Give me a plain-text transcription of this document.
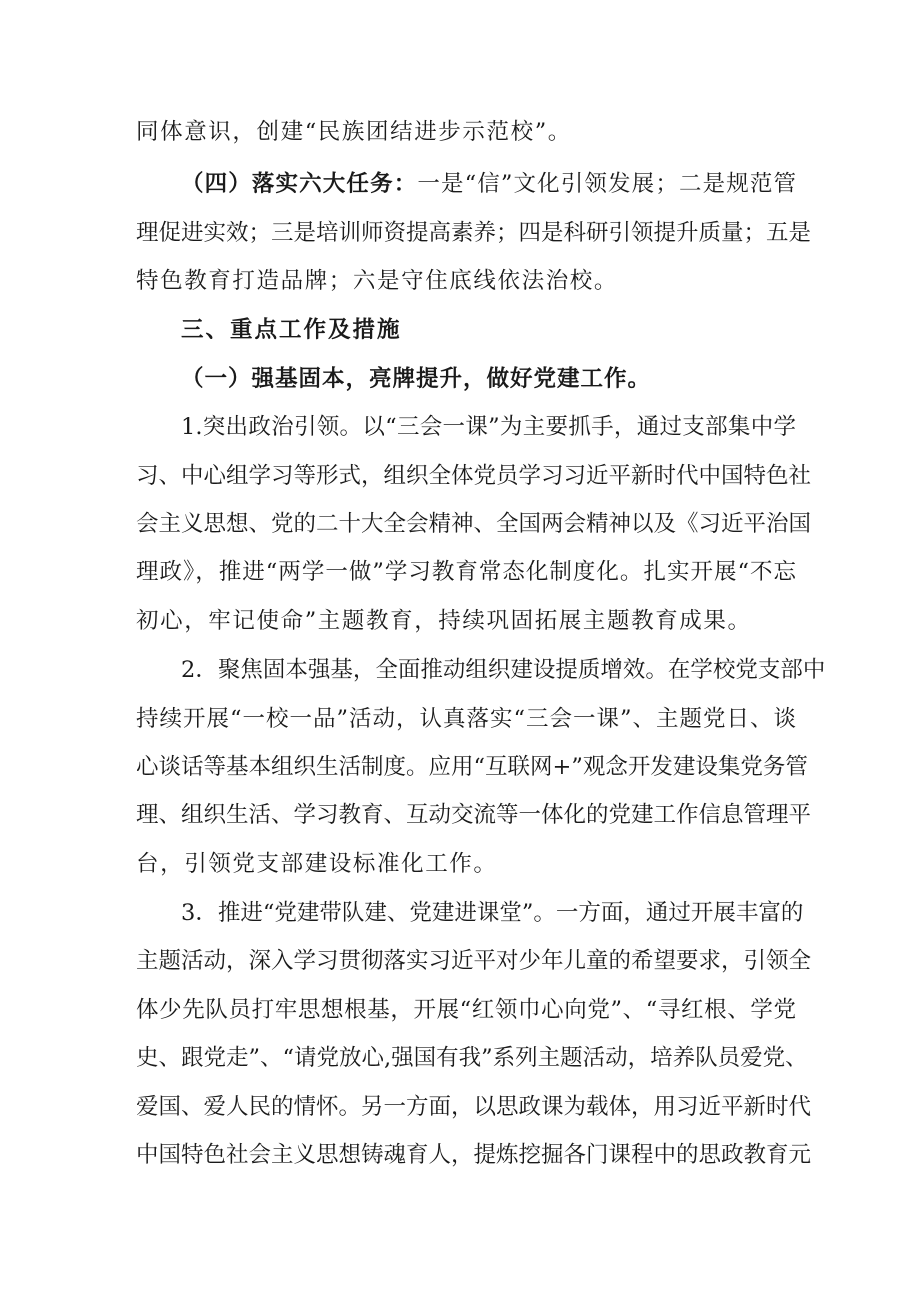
同体意识，创建“民族团结进步示范校”。
（四）落实六大任务：一是“信”文化引领发展；二是规范管
理促进实效；三是培训师资提高素养；四是科研引领提升质量；五是
特色教育打造品牌；六是守住底线依法治校。
三、重点工作及措施
（一）强基固本，亮牌提升，做好党建工作。
1.突出政治引领。以“三会一课”为主要抓手，通过支部集中学
习、中心组学习等形式，组织全体党员学习习近平新时代中国特色社
会主义思想、党的二十大全会精神、全国两会精神以及《习近平治国
理政》，推进“两学一做”学习教育常态化制度化。扎实开展“不忘
初心，牢记使命”主题教育，持续巩固拓展主题教育成果。
2．聚焦固本强基，全面推动组织建设提质增效。在学校党支部中
持续开展“一校一品”活动，认真落实“三会一课”、主题党日、谈
心谈话等基本组织生活制度。应用“互联网+”观念开发建设集党务管
理、组织生活、学习教育、互动交流等一体化的党建工作信息管理平
台，引领党支部建设标准化工作。
3．推进“党建带队建、党建进课堂”。一方面，通过开展丰富的
主题活动，深入学习贯彻落实习近平对少年儿童的希望要求，引领全
体少先队员打牢思想根基，开展“红领巾心向党”、“寻红根、学党
史、跟党走”、“请党放心,强国有我”系列主题活动，培养队员爱党、
爱国、爱人民的情怀。另一方面，以思政课为载体，用习近平新时代
中国特色社会主义思想铸魂育人，提炼挖掘各门课程中的思政教育元
